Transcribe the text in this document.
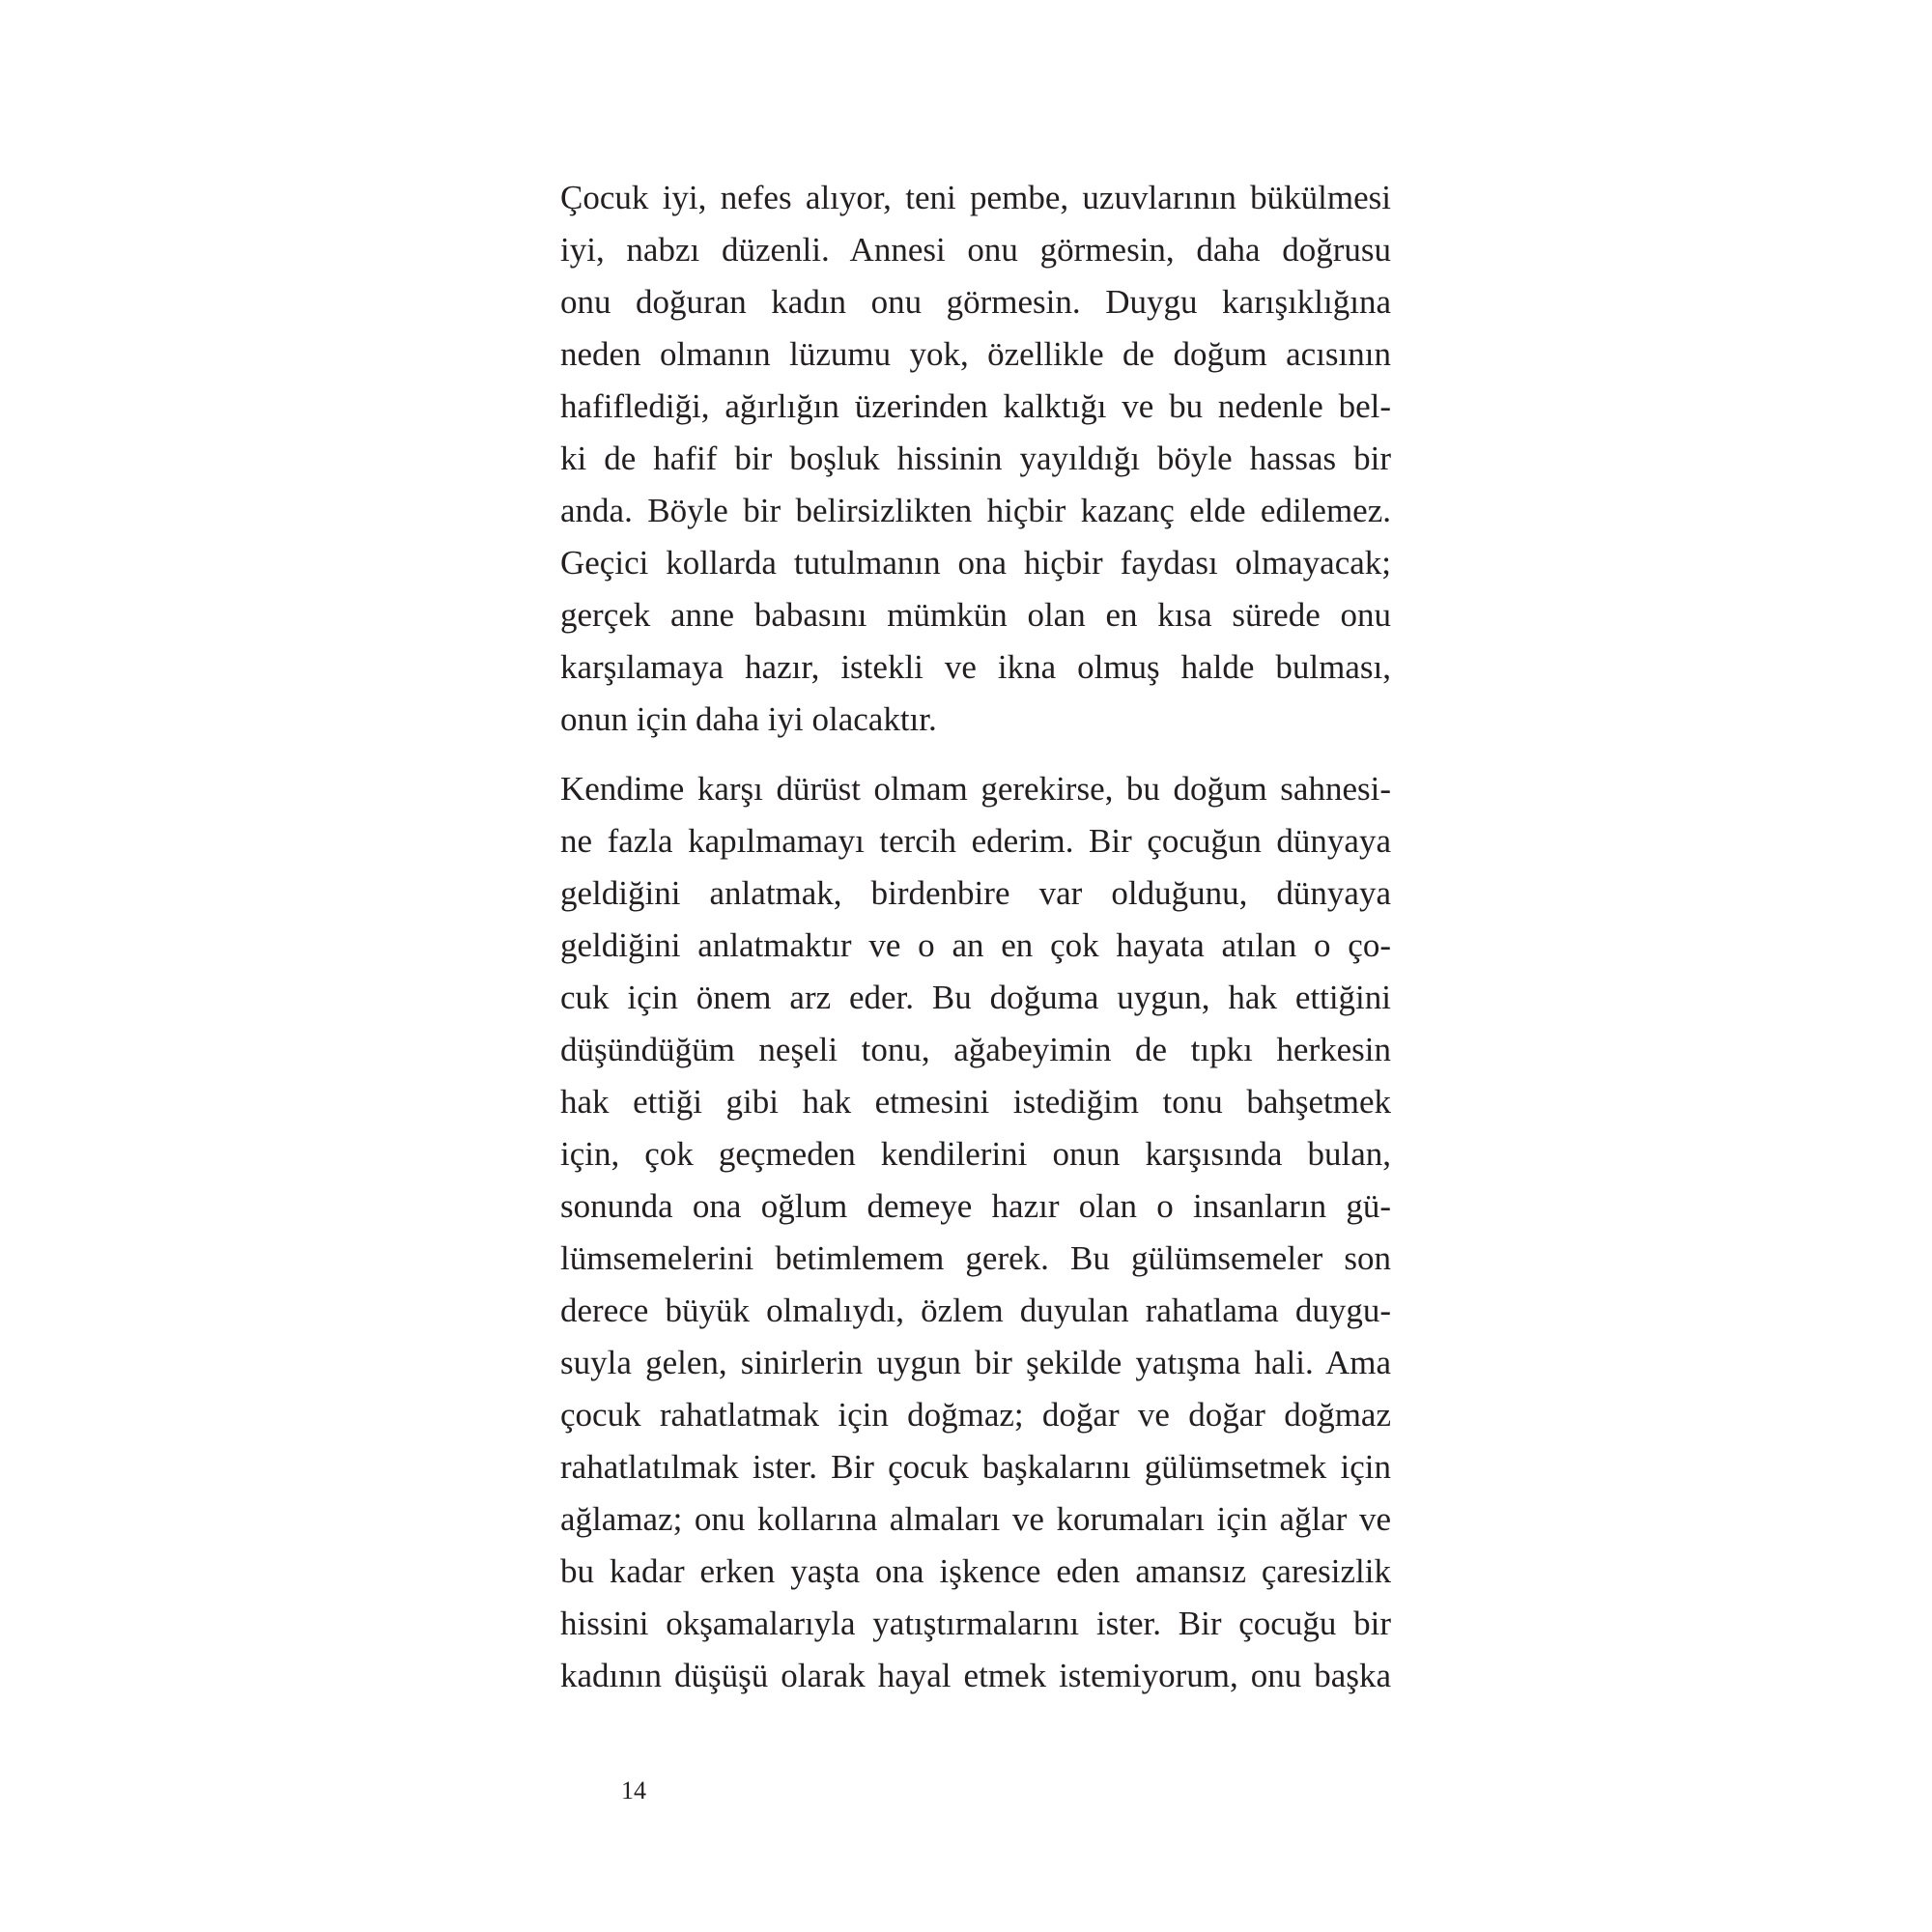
Çocuk iyi, nefes alıyor, teni pembe, uzuvlarının bükülmesi
iyi, nabzı düzenli. Annesi onu görmesin, daha doğrusu
onu doğuran kadın onu görmesin. Duygu karışıklığına
neden olmanın lüzumu yok, özellikle de doğum acısının
hafiflediği, ağırlığın üzerinden kalktığı ve bu nedenle bel-
ki de hafif bir boşluk hissinin yayıldığı böyle hassas bir
anda. Böyle bir belirsizlikten hiçbir kazanç elde edilemez.
Geçici kollarda tutulmanın ona hiçbir faydası olmayacak;
gerçek anne babasını mümkün olan en kısa sürede onu
karşılamaya hazır, istekli ve ikna olmuş halde bulması,
onun için daha iyi olacaktır.

Kendime karşı dürüst olmam gerekirse, bu doğum sahnesi-
ne fazla kapılmamayı tercih ederim. Bir çocuğun dünyaya
geldiğini anlatmak, birdenbire var olduğunu, dünyaya
geldiğini anlatmaktır ve o an en çok hayata atılan o ço-
cuk için önem arz eder. Bu doğuma uygun, hak ettiğini
düşündüğüm neşeli tonu, ağabeyimin de tıpkı herkesin
hak ettiği gibi hak etmesini istediğim tonu bahşetmek
için, çok geçmeden kendilerini onun karşısında bulan,
sonunda ona oğlum demeye hazır olan o insanların gü-
lümsemelerini betimlemem gerek. Bu gülümsemeler son
derece büyük olmalıydı, özlem duyulan rahatlama duygu-
suyla gelen, sinirlerin uygun bir şekilde yatışma hali. Ama
çocuk rahatlatmak için doğmaz; doğar ve doğar doğmaz
rahatlatılmak ister. Bir çocuk başkalarını gülümsetmek için
ağlamaz; onu kollarına almaları ve korumaları için ağlar ve
bu kadar erken yaşta ona işkence eden amansız çaresizlik
hissini okşamalarıyla yatıştırmalarını ister. Bir çocuğu bir
kadının düşüşü olarak hayal etmek istemiyorum, onu başka

14
